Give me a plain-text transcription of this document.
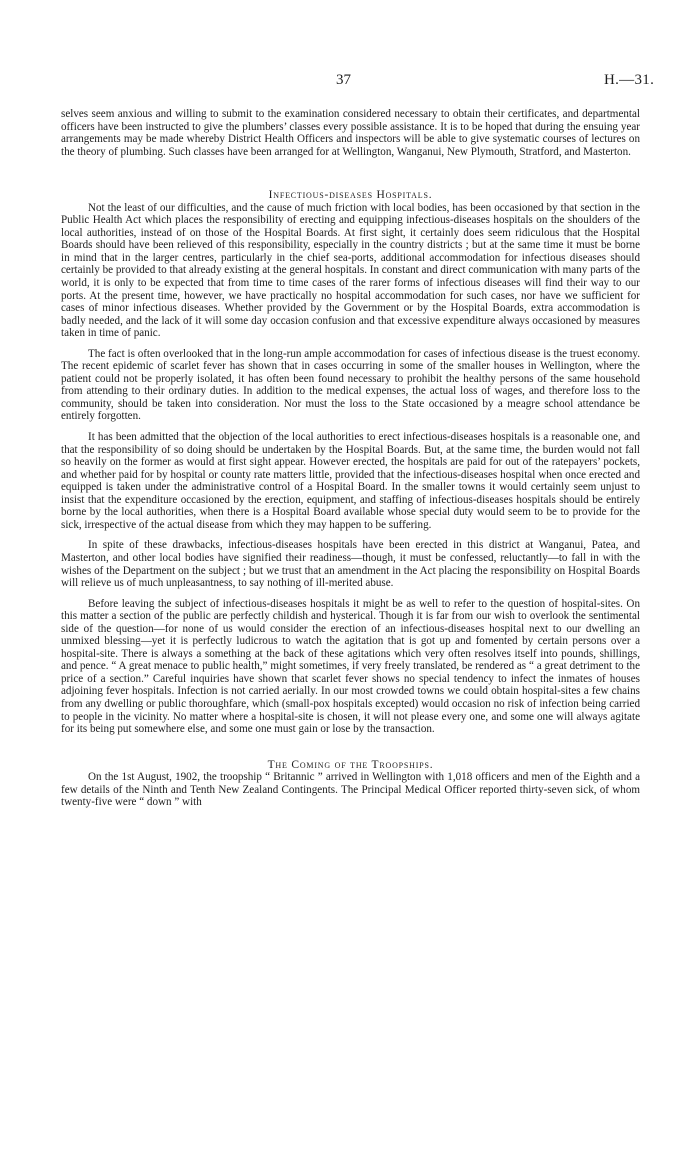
37	H.—31.

selves seem anxious and willing to submit to the examination considered necessary to obtain their certificates, and departmental officers have been instructed to give the plumbers’ classes every possible assistance. It is to be hoped that during the ensuing year arrangements may be made whereby District Health Officers and inspectors will be able to give systematic courses of lectures on the theory of plumbing. Such classes have been arranged for at Wellington, Wanganui, New Plymouth, Stratford, and Masterton.

Infectious-diseases Hospitals.

Not the least of our difficulties, and the cause of much friction with local bodies, has been occasioned by that section in the Public Health Act which places the responsibility of erecting and equipping infectious-diseases hospitals on the shoulders of the local authorities, instead of on those of the Hospital Boards. At first sight, it certainly does seem ridiculous that the Hospital Boards should have been relieved of this responsibility, especially in the country districts ; but at the same time it must be borne in mind that in the larger centres, particularly in the chief sea-ports, additional accommodation for infectious diseases should certainly be provided to that already existing at the general hospitals. In constant and direct communication with many parts of the world, it is only to be expected that from time to time cases of the rarer forms of infectious diseases will find their way to our ports. At the present time, however, we have practically no hospital accommodation for such cases, nor have we sufficient for cases of minor infectious diseases. Whether provided by the Government or by the Hospital Boards, extra accommodation is badly needed, and the lack of it will some day occasion confusion and that excessive expenditure always occasioned by measures taken in time of panic.

The fact is often overlooked that in the long-run ample accommodation for cases of infectious disease is the truest economy. The recent epidemic of scarlet fever has shown that in cases occurring in some of the smaller houses in Wellington, where the patient could not be properly isolated, it has often been found necessary to prohibit the healthy persons of the same household from attending to their ordinary duties. In addition to the medical expenses, the actual loss of wages, and therefore loss to the community, should be taken into consideration. Nor must the loss to the State occasioned by a meagre school attendance be entirely forgotten.

It has been admitted that the objection of the local authorities to erect infectious-diseases hospitals is a reasonable one, and that the responsibility of so doing should be undertaken by the Hospital Boards. But, at the same time, the burden would not fall so heavily on the former as would at first sight appear. However erected, the hospitals are paid for out of the ratepayers’ pockets, and whether paid for by hospital or county rate matters little, provided that the infectious-diseases hospital when once erected and equipped is taken under the administrative control of a Hospital Board. In the smaller towns it would certainly seem unjust to insist that the expenditure occasioned by the erection, equipment, and staffing of infectious-diseases hospitals should be entirely borne by the local authorities, when there is a Hospital Board available whose special duty would seem to be to provide for the sick, irrespective of the actual disease from which they may happen to be suffering.

In spite of these drawbacks, infectious-diseases hospitals have been erected in this district at Wanganui, Patea, and Masterton, and other local bodies have signified their readiness—though, it must be confessed, reluctantly—to fall in with the wishes of the Department on the subject ; but we trust that an amendment in the Act placing the responsibility on Hospital Boards will relieve us of much unpleasantness, to say nothing of ill-merited abuse.

Before leaving the subject of infectious-diseases hospitals it might be as well to refer to the question of hospital-sites. On this matter a section of the public are perfectly childish and hysterical. Though it is far from our wish to overlook the sentimental side of the question—for none of us would consider the erection of an infectious-diseases hospital next to our dwelling an unmixed blessing—yet it is perfectly ludicrous to watch the agitation that is got up and fomented by certain persons over a hospital-site. There is always a something at the back of these agitations which very often resolves itself into pounds, shillings, and pence. “ A great menace to public health,” might sometimes, if very freely translated, be rendered as “ a great detriment to the price of a section.” Careful inquiries have shown that scarlet fever shows no special tendency to infect the inmates of houses adjoining fever hospitals. Infection is not carried aerially. In our most crowded towns we could obtain hospital-sites a few chains from any dwelling or public thoroughfare, which (small-pox hospitals excepted) would occasion no risk of infection being carried to people in the vicinity. No matter where a hospital-site is chosen, it will not please every one, and some one will always agitate for its being put somewhere else, and some one must gain or lose by the transaction.

The Coming of the Troopships.

On the 1st August, 1902, the troopship “ Britannic ” arrived in Wellington with 1,018 officers and men of the Eighth and a few details of the Ninth and Tenth New Zealand Contingents. The Principal Medical Officer reported thirty-seven sick, of whom twenty-five were “ down ” with
